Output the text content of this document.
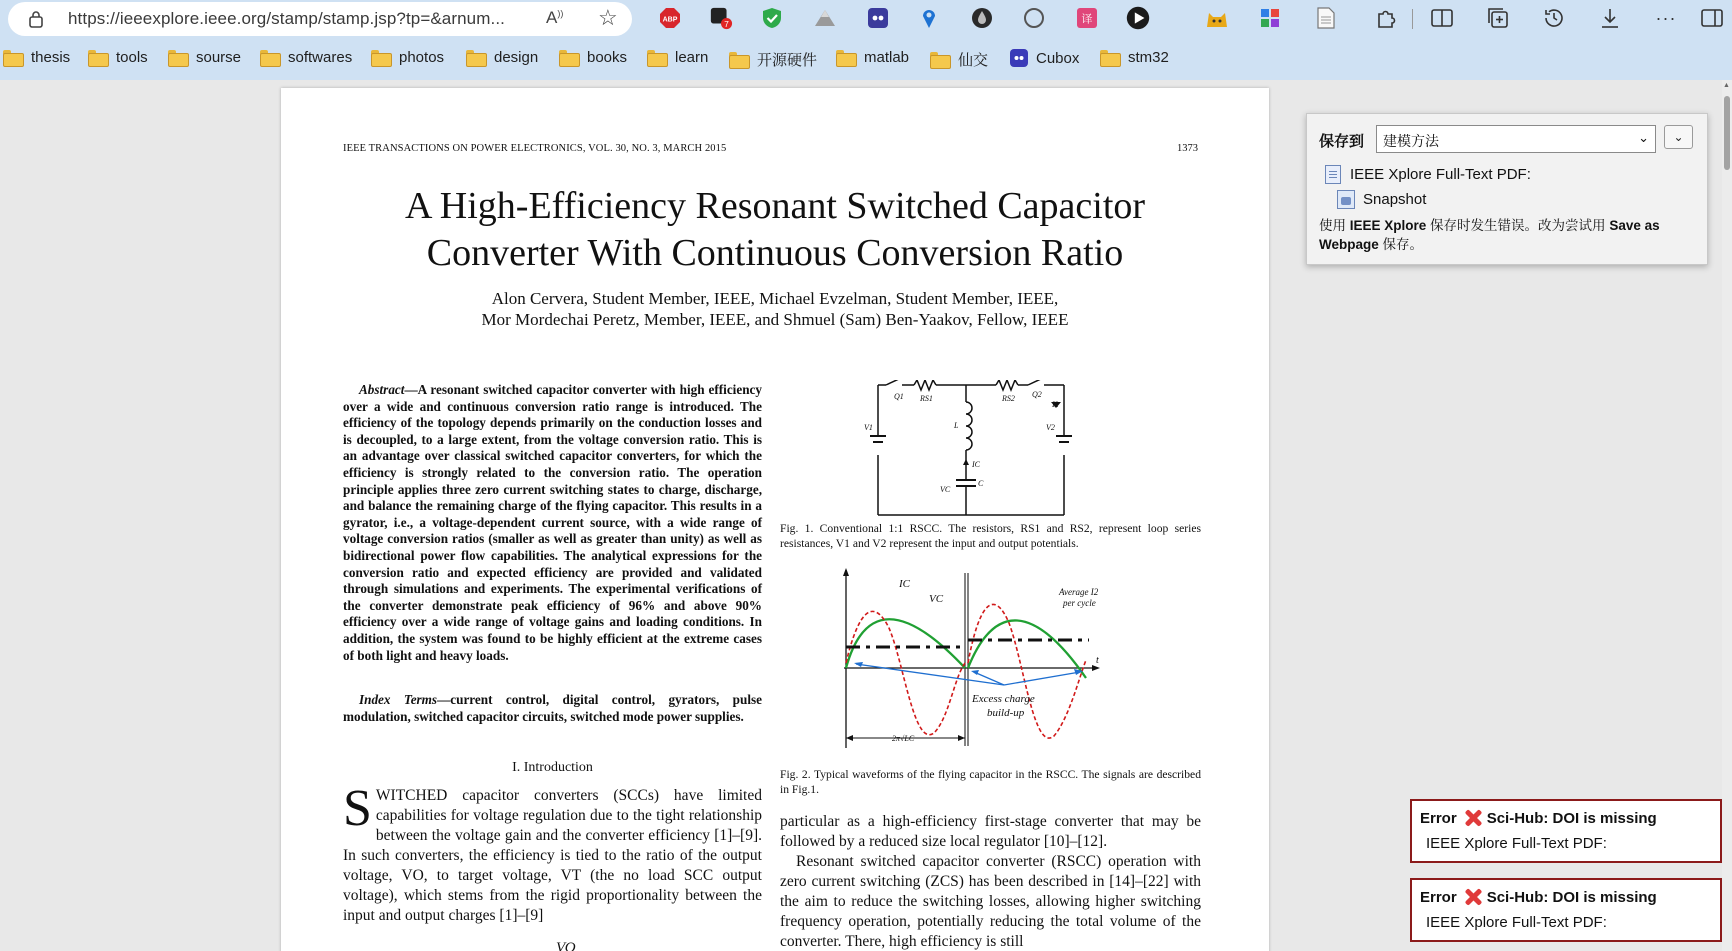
https://ieeexplore.ieee.org/stamp/stamp.jsp?tp=&arnum... A)) ☆	ABP	7	译	···
thesis	tools	sourse	softwares	photos	design	books	learn	开源硬件	matlab	仙交	Cubox	stm32
IEEE TRANSACTIONS ON POWER ELECTRONICS, VOL. 30, NO. 3, MARCH 2015	1373
A High-Efficiency Resonant Switched Capacitor
Converter With Continuous Conversion Ratio
Alon Cervera, Student Member, IEEE, Michael Evzelman, Student Member, IEEE,
Mor Mordechai Peretz, Member, IEEE, and Shmuel (Sam) Ben-Yaakov, Fellow, IEEE
Abstract—A resonant switched capacitor converter with high efficiency over a wide and continuous conversion ratio range is introduced. The efficiency of the topology depends primarily on the conduction losses and is decoupled, to a large extent, from the voltage conversion ratio. This is an advantage over classical switched capacitor converters, for which the efficiency is strongly related to the conversion ratio. The operation principle applies three zero current switching states to charge, discharge, and balance the remaining charge of the flying capacitor. This results in a gyrator, i.e., a voltage-dependent current source, with a wide range of voltage conversion ratios (smaller as well as greater than unity) as well as bidirectional power flow capabilities. The analytical expressions for the conversion ratio and expected efficiency are provided and validated through simulations and experiments. The experimental verifications of the converter demonstrate peak efficiency of 96% and above 90% efficiency over a wide range of voltage gains and loading conditions. In addition, the system was found to be highly efficient at the extreme cases of both light and heavy loads.
Index Terms—current control, digital control, gyrators, pulse modulation, switched capacitor circuits, switched mode power supplies.
I. Introduction
SWITCHED capacitor converters (SCCs) have limited capabilities for voltage regulation due to the tight relationship between the voltage gain and the converter efficiency [1]–[9]. In such converters, the efficiency is tied to the ratio of the output voltage, VO, to target voltage, VT (the no load SCC output voltage), which stems from the rigid proportionality between the input and output charges [1]–[9]
VO
Q1 RS1	RS2 Q2
I2
V1	V2
L
IC
VC
C
Fig. 1. Conventional 1:1 RSCC. The resistors, RS1 and RS2, represent loop series resistances, V1 and V2 represent the input and output potentials.
IC
VC
Average I2
per cycle
t
Excess charge
build-up
2π√LC
Fig. 2. Typical waveforms of the flying capacitor in the RSCC. The signals are described in Fig.1.

particular as a high-efficiency first-stage converter that may be followed by a reduced size local regulator [10]–[12].

Resonant switched capacitor converter (RSCC) operation with zero current switching (ZCS) has been described in [14]–[22] with the aim to reduce the switching losses, allowing higher switching frequency operation, potentially reducing the total volume of the converter. There, high efficiency is still

▲
保存到	建模方法	⌄	⌄
IEEE Xplore Full-Text PDF:
Snapshot
使用 IEEE Xplore 保存时发生错误。改为尝试用 Save as Webpage 保存。
Error Sci-Hub: DOI is missing
IEEE Xplore Full-Text PDF:
Error Sci-Hub: DOI is missing
IEEE Xplore Full-Text PDF:
